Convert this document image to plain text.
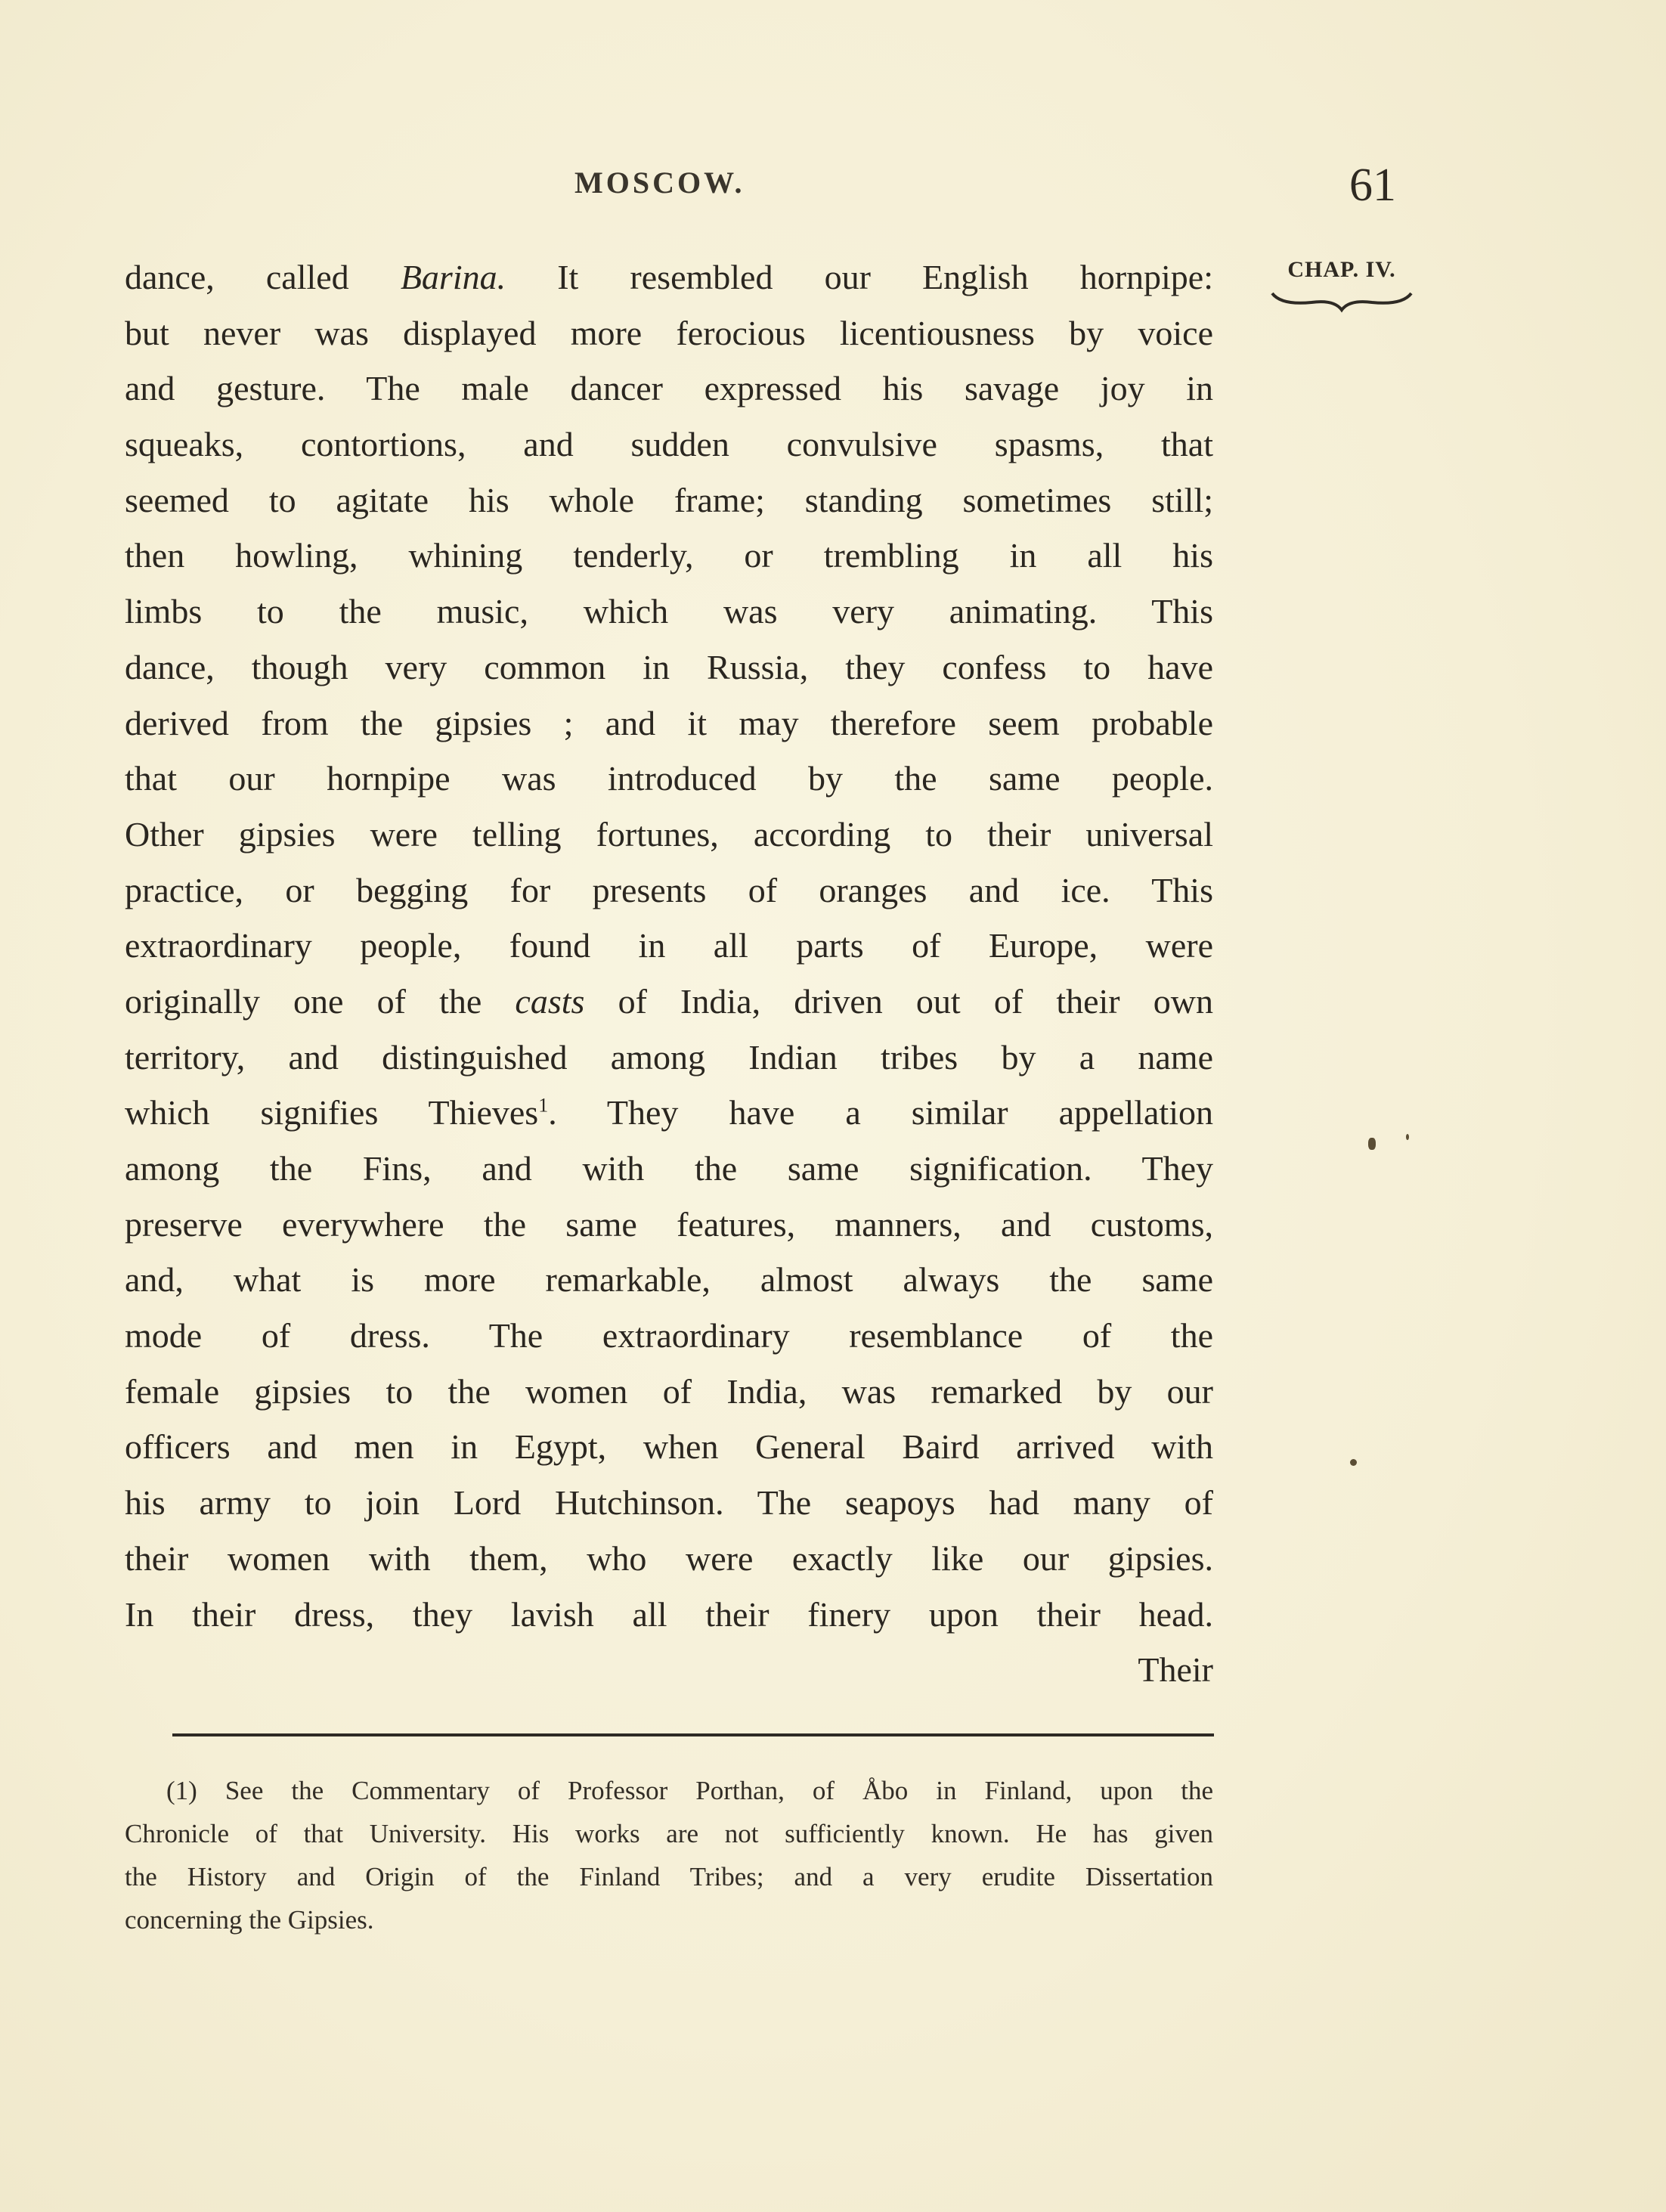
MOSCOW.	61
CHAP. IV.
dance, called Barina. It resembled our English hornpipe:
but never was displayed more ferocious licentiousness by voice
and gesture. The male dancer expressed his savage joy in
squeaks, contortions, and sudden convulsive spasms, that
seemed to agitate his whole frame; standing sometimes still;
then howling, whining tenderly, or trembling in all his
limbs to the music, which was very animating. This
dance, though very common in Russia, they confess to have
derived from the gipsies ; and it may therefore seem probable
that our hornpipe was introduced by the same people.
Other gipsies were telling fortunes, according to their universal
practice, or begging for presents of oranges and ice. This
extraordinary people, found in all parts of Europe, were
originally one of the casts of India, driven out of their own
territory, and distinguished among Indian tribes by a name
which signifies Thieves$^1$. They have a similar appellation
among the Fins, and with the same signification. They
preserve everywhere the same features, manners, and customs,
and, what is more remarkable, almost always the same
mode of dress. The extraordinary resemblance of the
female gipsies to the women of India, was remarked by our
officers and men in Egypt, when General Baird arrived with
his army to join Lord Hutchinson. The seapoys had many of
their women with them, who were exactly like our gipsies.
In their dress, they lavish all their finery upon their head.
Their
(1) See the Commentary of Professor Porthan, of Åbo in Finland, upon the
Chronicle of that University. His works are not sufficiently known. He has given
the History and Origin of the Finland Tribes; and a very erudite Dissertation
concerning the Gipsies.
